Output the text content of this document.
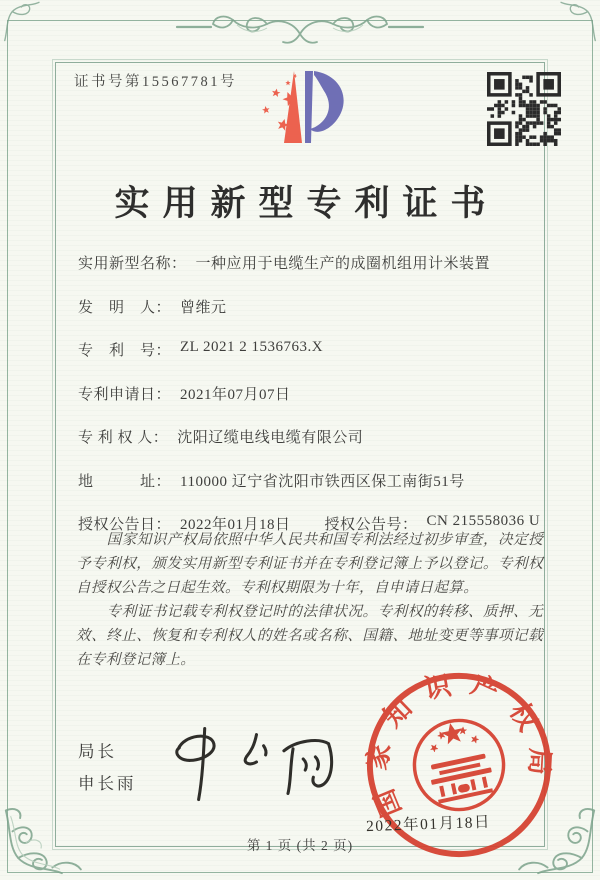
证书号第15567781号
实用新型专利证书
实用新型名称： 一种应用于电缆生产的成圈机组用计米装置
发　明　人： 曾维元
专　利　号： ZL 2021 2 1536763.X
专利申请日： 2021年07月07日
专 利 权 人： 沈阳辽缆电线电缆有限公司
地　　　址： 110000 辽宁省沈阳市铁西区保工南街51号
授权公告日： 2022年01月18日 授权公告号： CN 215558036 U

国家知识产权局依照中华人民共和国专利法经过初步审查，决定授予专利权，颁发实用新型专利证书并在专利登记簿上予以登记。专利权自授权公告之日起生效。专利权期限为十年，自申请日起算。

专利证书记载专利权登记时的法律状况。专利权的转移、质押、无效、终止、恢复和专利权人的姓名或名称、国籍、地址变更等事项记载在专利登记簿上。

局长
申长雨	国家知识产权局
2022年01月18日
第 1 页 (共 2 页)
